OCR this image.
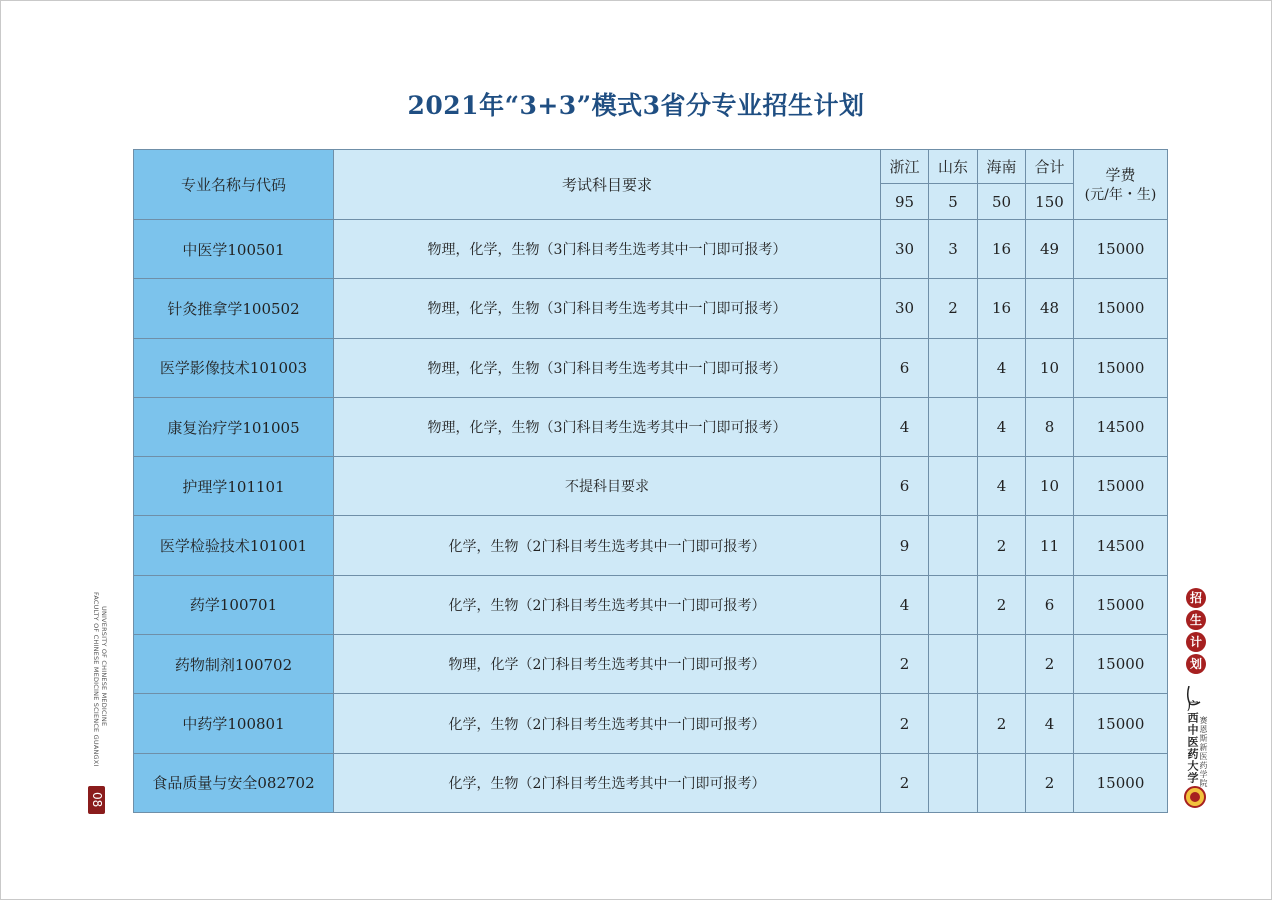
2021年“3+3”模式3省分专业招生计划
专业名称与代码	考试科目要求	浙江	山东	海南	合计	学费
(元/年・生)

		95	5	50	150	
中医学100501	物理，化学，生物（3门科目考生选考其中一门即可报考）	30	3	16	49	15000
针灸推拿学100502	物理，化学，生物（3门科目考生选考其中一门即可报考）	30	2	16	48	15000
医学影像技术101003	物理，化学，生物（3门科目考生选考其中一门即可报考）	6		4	10	15000
康复治疗学101005	物理，化学，生物（3门科目考生选考其中一门即可报考）	4		4	8	14500
护理学101101	不提科目要求	6		4	10	15000
医学检验技术101001	化学，生物（2门科目考生选考其中一门即可报考）	9		2	11	14500
药学100701	化学，生物（2门科目考生选考其中一门即可报考）	4		2	6	15000
药物制剂100702	物理，化学（2门科目考生选考其中一门即可报考）	2			2	15000
中药学100801	化学，生物（2门科目考生选考其中一门即可报考）	2		2	4	15000
食品质量与安全082702	化学，生物（2门科目考生选考其中一门即可报考）	2			2	15000
FACULTY OF CHINESE MEDICINE SCIENCE GUANGXI UNIVERSITY OF CHINESE MEDICINE
08
招
生
计
划
广西中医药大学 赛恩斯新医药学院
